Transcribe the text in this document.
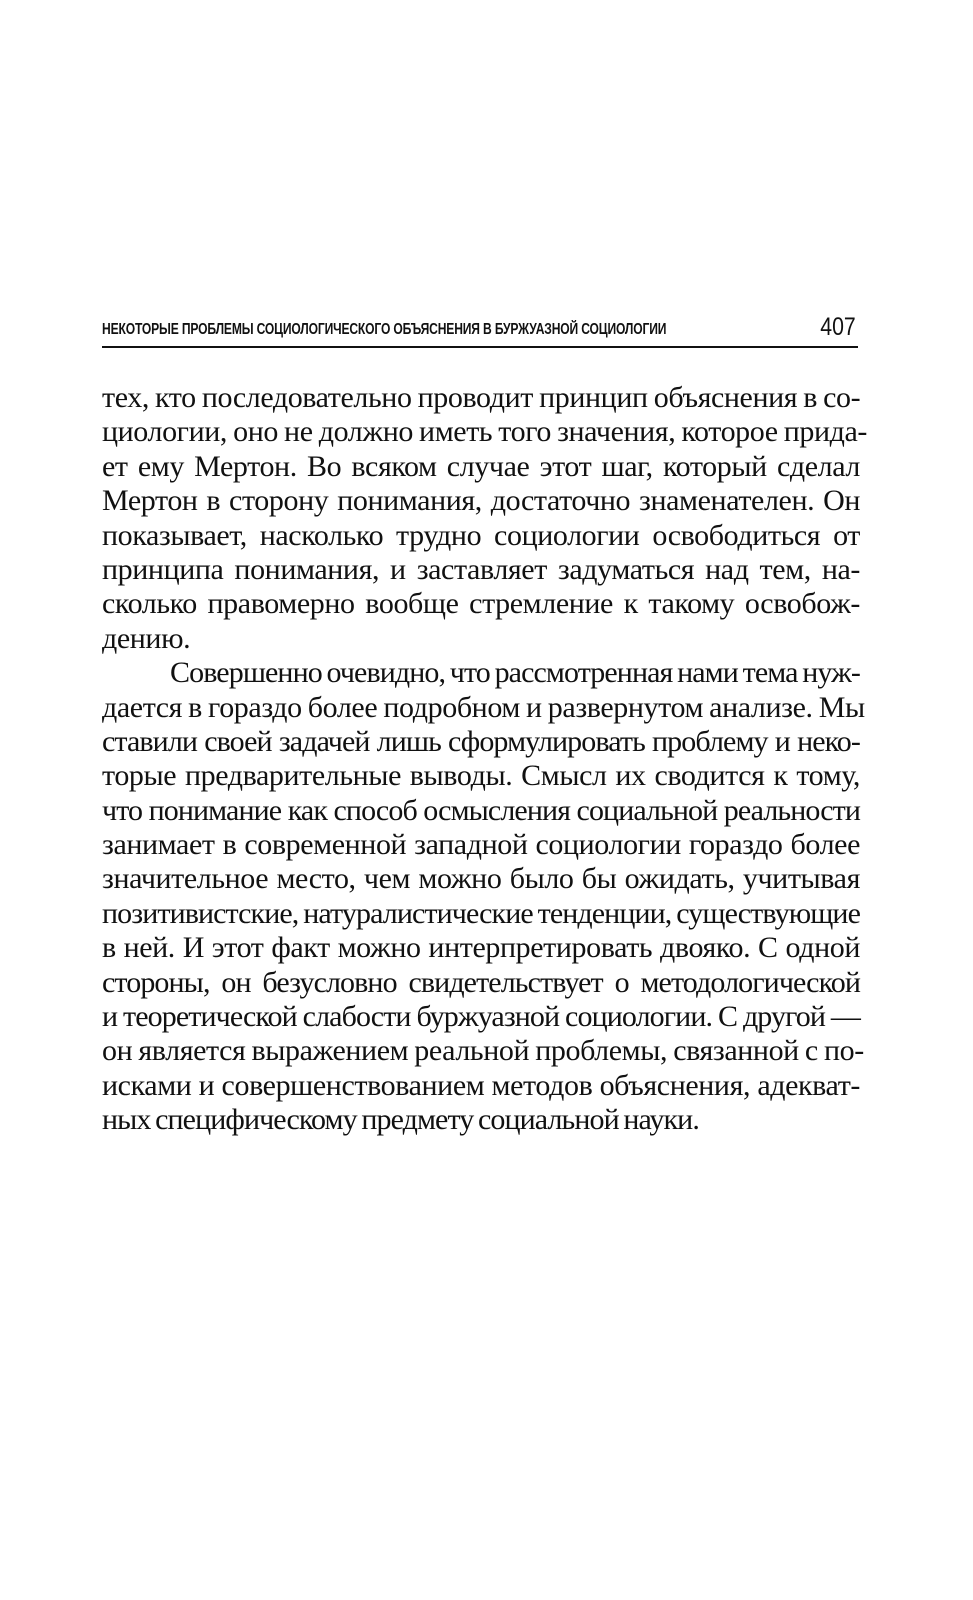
НЕКОТОРЫЕ ПРОБЛЕМЫ СОЦИОЛОГИЧЕСКОГО ОБЪЯСНЕНИЯ В БУРЖУАЗНОЙ СОЦИОЛОГИИ	407
тех, кто последовательно проводит принцип объяснения в со-
циологии, оно не должно иметь того значения, которое прида-
ет ему Мертон. Во всяком случае этот шаг, который сделал
Мертон в сторону понимания, достаточно знаменателен. Он
показывает, насколько трудно социологии освободиться от
принципа понимания, и заставляет задуматься над тем, на-
сколько правомерно вообще стремление к такому освобож-
дению.
Совершенно очевидно, что рассмотренная нами тема нуж-
дается в гораздо более подробном и развернутом анализе. Мы
ставили своей задачей лишь сформулировать проблему и неко-
торые предварительные выводы. Смысл их сводится к тому,
что понимание как способ осмысления социальной реальности
занимает в современной западной социологии гораздо более
значительное место, чем можно было бы ожидать, учитывая
позитивистские, натуралистические тенденции, существующие
в ней. И этот факт можно интерпретировать двояко. С одной
стороны, он безусловно свидетельствует о методологической
и теоретической слабости буржуазной социологии. С другой —
он является выражением реальной проблемы, связанной с по-
исками и совершенствованием методов объяснения, адекват-
ных специфическому предмету социальной науки.
